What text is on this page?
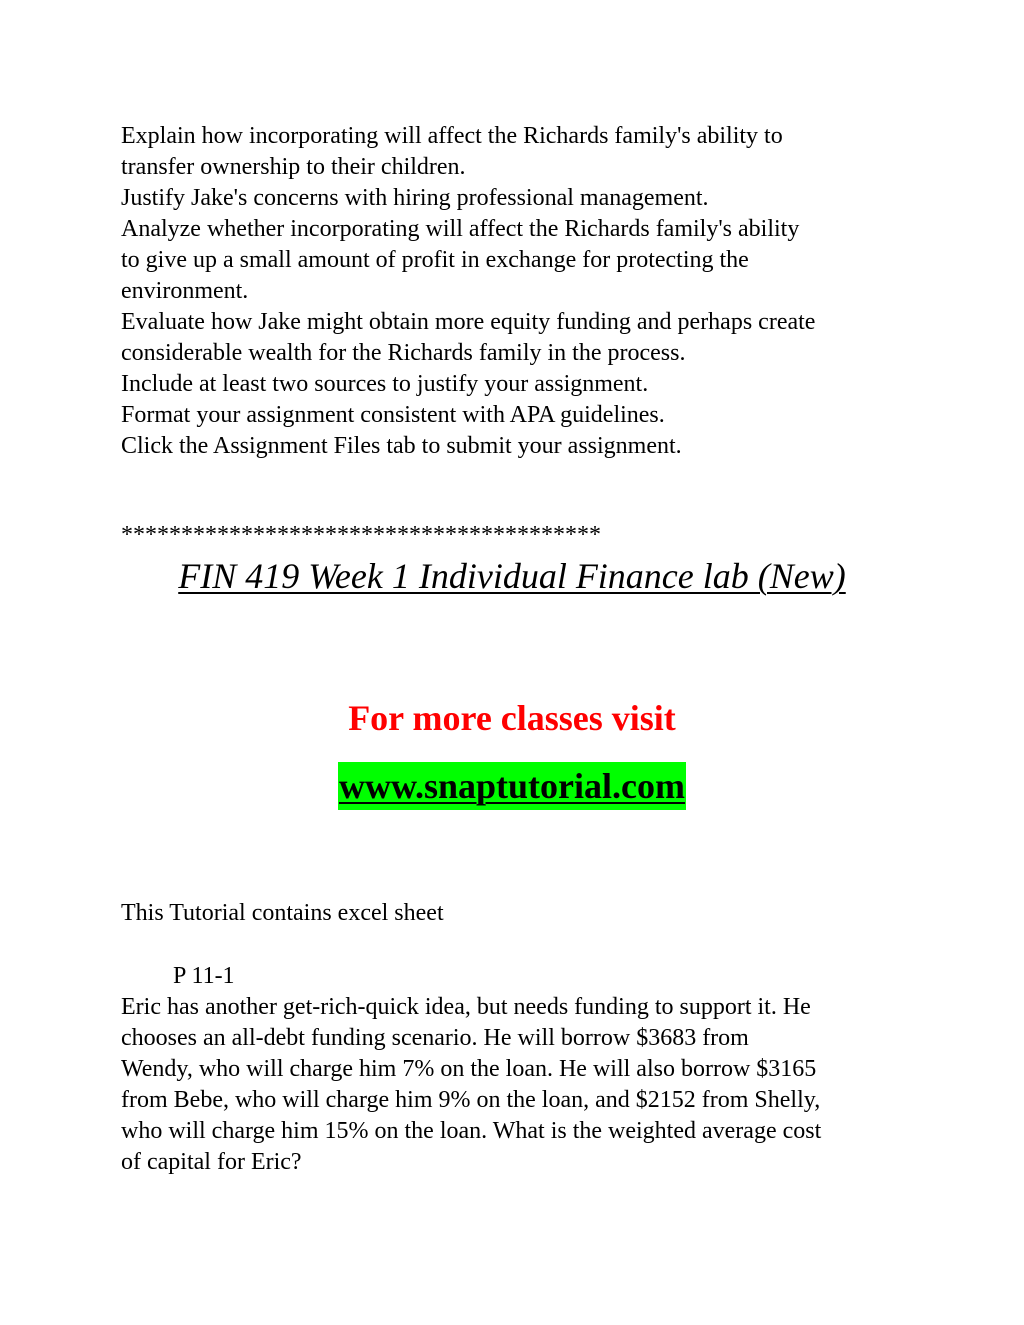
Explain how incorporating will affect the Richards family's ability to
transfer ownership to their children.
Justify Jake's concerns with hiring professional management.
Analyze whether incorporating will affect the Richards family's ability
to give up a small amount of profit in exchange for protecting the
environment.
Evaluate how Jake might obtain more equity funding and perhaps create
considerable wealth for the Richards family in the process.
Include at least two sources to justify your assignment.
Format your assignment consistent with APA guidelines.
Click the Assignment Files tab to submit your assignment.
****************************************
FIN 419 Week 1 Individual Finance lab (New)
For more classes visit
www.snaptutorial.com
This Tutorial contains excel sheet
P 11-1
Eric has another get-rich-quick idea, but needs funding to support it. He
chooses an all-debt funding scenario. He will borrow $3683 from
Wendy, who will charge him 7% on the loan. He will also borrow $3165
from Bebe, who will charge him 9% on the loan, and $2152 from Shelly,
who will charge him 15% on the loan. What is the weighted average cost
of capital for Eric?
